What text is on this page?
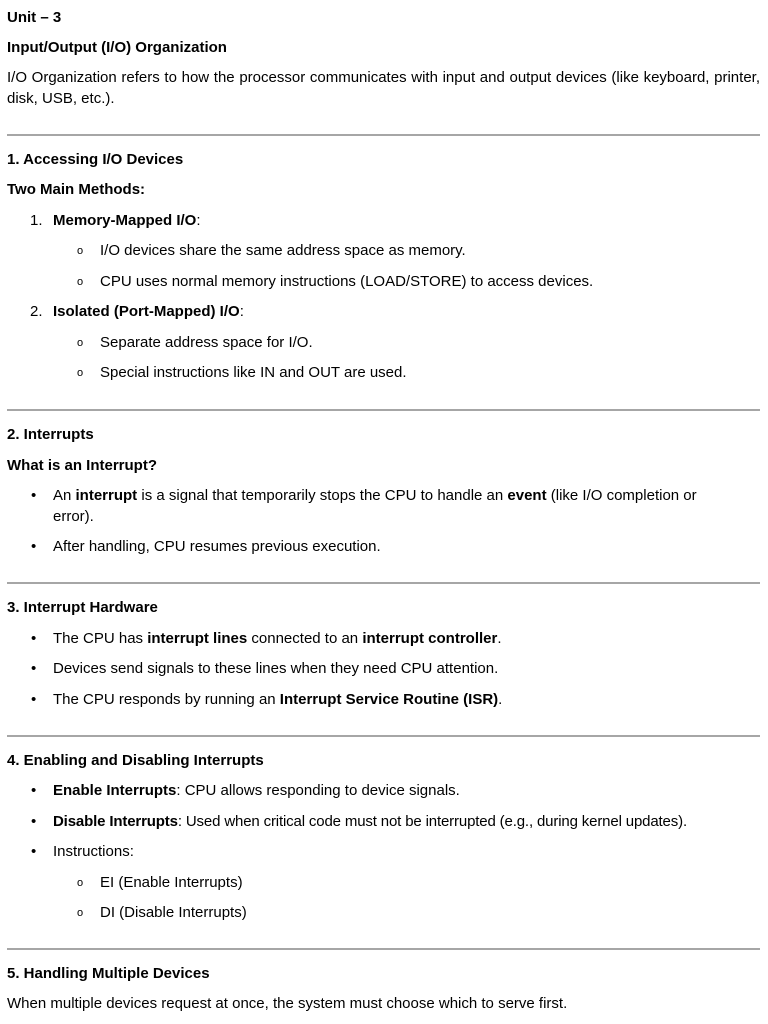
Unit – 3
Input/Output (I/O) Organization
I/O Organization refers to how the processor communicates with input and output devices (like keyboard, printer, disk, USB, etc.).
1. Accessing I/O Devices
Two Main Methods:
1. Memory-Mapped I/O:
o I/O devices share the same address space as memory.
o CPU uses normal memory instructions (LOAD/STORE) to access devices.
2. Isolated (Port-Mapped) I/O:
o Separate address space for I/O.
o Special instructions like IN and OUT are used.
2. Interrupts
What is an Interrupt?
• An interrupt is a signal that temporarily stops the CPU to handle an event (like I/O completion or
error).
• After handling, CPU resumes previous execution.
3. Interrupt Hardware
• The CPU has interrupt lines connected to an interrupt controller.
• Devices send signals to these lines when they need CPU attention.
• The CPU responds by running an Interrupt Service Routine (ISR).
4. Enabling and Disabling Interrupts
• Enable Interrupts: CPU allows responding to device signals.
• Disable Interrupts: Used when critical code must not be interrupted (e.g., during kernel updates).
• Instructions:
o EI (Enable Interrupts)
o DI (Disable Interrupts)
5. Handling Multiple Devices
When multiple devices request at once, the system must choose which to serve first.
